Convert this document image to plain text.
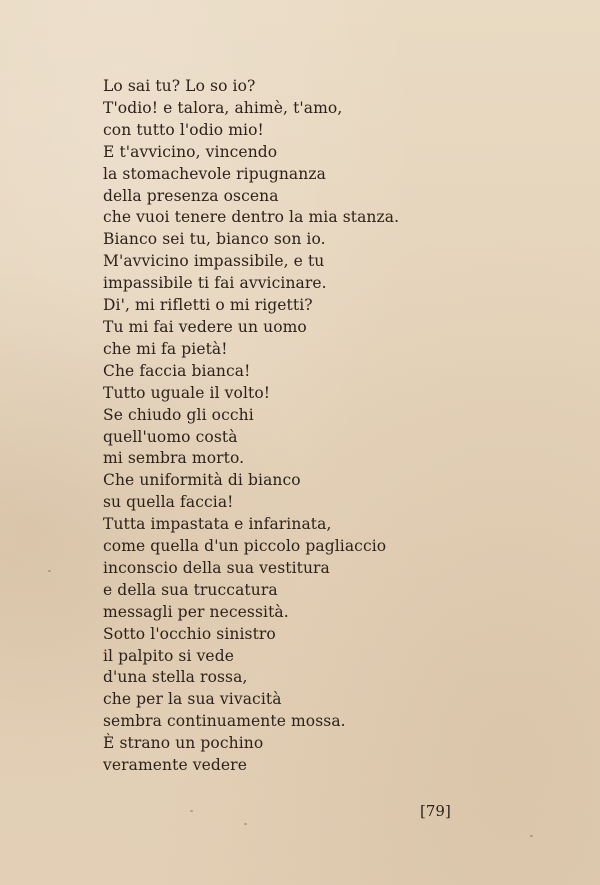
Lo sai tu? Lo so io?
T'odio! e talora, ahimè, t'amo,
con tutto l'odio mio!
E t'avvicino, vincendo
la stomachevole ripugnanza
della presenza oscena
che vuoi tenere dentro la mia stanza.
Bianco sei tu, bianco son io.
M'avvicino impassibile, e tu
impassibile ti fai avvicinare.
Di', mi rifletti o mi rigetti?
Tu mi fai vedere un uomo
che mi fa pietà!
Che faccia bianca!
Tutto uguale il volto!
Se chiudo gli occhi
quell'uomo costà
mi sembra morto.
Che uniformità di bianco
su quella faccia!
Tutta impastata e infarinata,
come quella d'un piccolo pagliaccio
inconscio della sua vestitura
e della sua truccatura
messagli per necessità.
Sotto l'occhio sinistro
il palpito si vede
d'una stella rossa,
che per la sua vivacità
sembra continuamente mossa.
È strano un pochino
veramente vedere
[79]
